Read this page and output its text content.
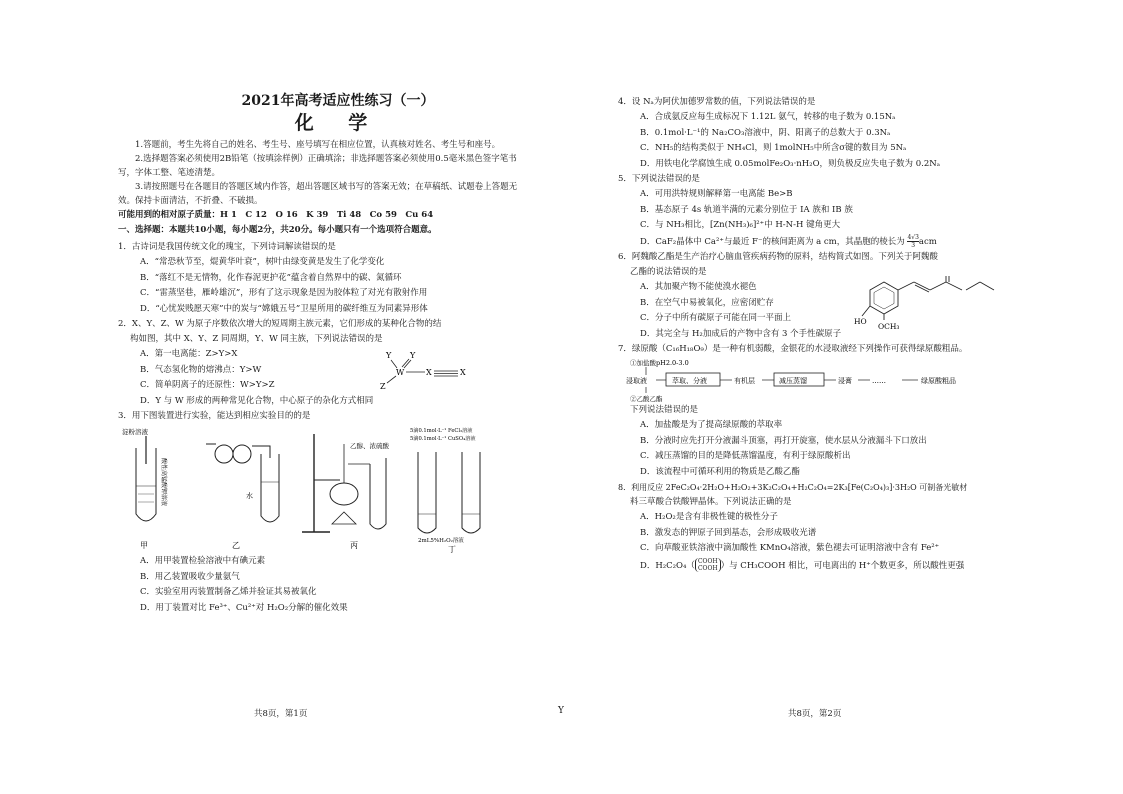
2021年高考适应性练习（一）
化 学

1.答题前，考生先将自己的姓名、考生号、座号填写在相应位置，认真核对姓名、考生号和座号。

2.选择题答案必须使用2B铅笔（按填涂样例）正确填涂；非选择题答案必须使用0.5毫米黑色签字笔书写，字体工整、笔迹清楚。

3.请按照题号在各题目的答题区域内作答，超出答题区域书写的答案无效；在草稿纸、试题卷上答题无效。保持卡面清洁，不折叠、不破损。

可能用到的相对原子质量：H 1　C 12　O 16　K 39　Ti 48　Co 59　Cu 64

一、选择题：本题共10小题，每小题2分，共20分。每小题只有一个选项符合题意。

1．古诗词是我国传统文化的瑰宝，下列诗词解读错误的是

A．“常恐秋节至，焜黄华叶衰”，树叶由绿变黄是发生了化学变化

B．“落红不是无情物，化作春泥更护花”蕴含着自然界中的碳、氮循环

C．“雷蒸坚巷，雁岭雄沉”，形有了这示现象是因为胶体粒了对光有散射作用

D．“心忧炭贱愿天寒”中的炭与“嫦娥五号”卫星所用的碳纤维互为同素异形体

2．X、Y、Z、W 为原子序数依次增大的短周期主族元素，它们形成的某种化合物的结

构如图，其中 X、Y、Z 同周期，Y、W 同主族，下列说法错误的是

A．第一电离能：Z>Y>X

B．气态氢化物的熔沸点：Y>W

C．简单阴离子的还原性：W>Y>Z

D．Y 与 W 形成的两种常见化合物，中心原子的杂化方式相同

Y Y
W
Z
X	X

3．用下图装置进行实验，能达到相应实验目的的是

淀粉溶液
酸性高锰酸钾溶液
甲
水
乙
乙醇、浓硫酸
丙
5滴0.1mol·L⁻¹ FeCl₃溶液
5滴0.1mol·L⁻¹ CuSO₄溶液
2mL5%H₂O₂溶液
丁

A．用甲装置检验溶液中有碘元素

B．用乙装置吸收少量氨气

C．实验室用丙装置制备乙烯并验证其易被氧化

D．用丁装置对比 Fe³⁺、Cu²⁺对 H₂O₂分解的催化效果

共8页，第1页	Y

4．设 Nₐ为阿伏加德罗常数的值，下列说法错误的是

A．合成氨反应每生成标况下 1.12L 氨气，转移的电子数为 0.15Nₐ

B．0.1mol·L⁻¹的 Na₂CO₃溶液中，阴、阳离子的总数大于 0.3Nₐ

C．NH₅的结构类似于 NH₄Cl，则 1molNH₅中所含σ键的数目为 5Nₐ

D．用铁电化学腐蚀生成 0.05molFe₂O₃·nH₂O，则负极反应失电子数为 0.2Nₐ

5．下列说法错误的是

A．可用洪特规则解释第一电离能 Be>B

B．基态原子 4s 轨道半满的元素分别位于 IA 族和 IB 族

C．与 NH₃相比，[Zn(NH₃)₆]²⁺中 H-N-H 键角更大

D．CaF₂晶体中 Ca²⁺与最近 F⁻的核间距离为 a cm，其晶胞的棱长为 $\frac{4√3}{3}$ acm

6．阿魏酸乙酯是生产治疗心脑血管疾病药物的原料，结构简式如图。下列关于阿魏酸

乙酯的说法错误的是

A．其加聚产物不能使溴水褪色

B．在空气中易被氧化，应密闭贮存

C．分子中所有碳原子可能在同一平面上

D．其完全与 H₂加成后的产物中含有 3 个手性碳原子

HO
OCH₃

7．绿原酸（C₁₆H₁₈O₉）是一种有机弱酸，金银花的水浸取液经下列操作可获得绿原酸粗品。

①加盐酸pH2.0-3.0
浸取液	萃取、分液	有机层	减压蒸馏	浸膏	……	绿原酸粗品
②乙酸乙酯

下列说法错误的是

A．加盐酸是为了提高绿原酸的萃取率

B．分液时应先打开分液漏斗顶塞，再打开旋塞，使水层从分液漏斗下口放出

C．减压蒸馏的目的是降低蒸馏温度，有利于绿原酸析出

D．该流程中可循环利用的物质是乙酸乙酯

8．利用反应 2FeC₂O₄·2H₂O+H₂O₂+3K₂C₂O₄+H₂C₂O₄=2K₃[Fe(C₂O₄)₃]·3H₂O 可制备光敏材

料三草酸合铁酸钾晶体。下列说法正确的是

A．H₂O₂是含有非极性键的极性分子

B．激发态的钾原子回到基态，会形成吸收光谱

C．向草酸亚铁溶液中滴加酸性 KMnO₄溶液，紫色褪去可证明溶液中含有 Fe²⁺

D．H₂C₂O₄（ COOH
COOH ）与 CH₃COOH 相比，可电离出的 H⁺个数更多，所以酸性更强

共8页，第2页
